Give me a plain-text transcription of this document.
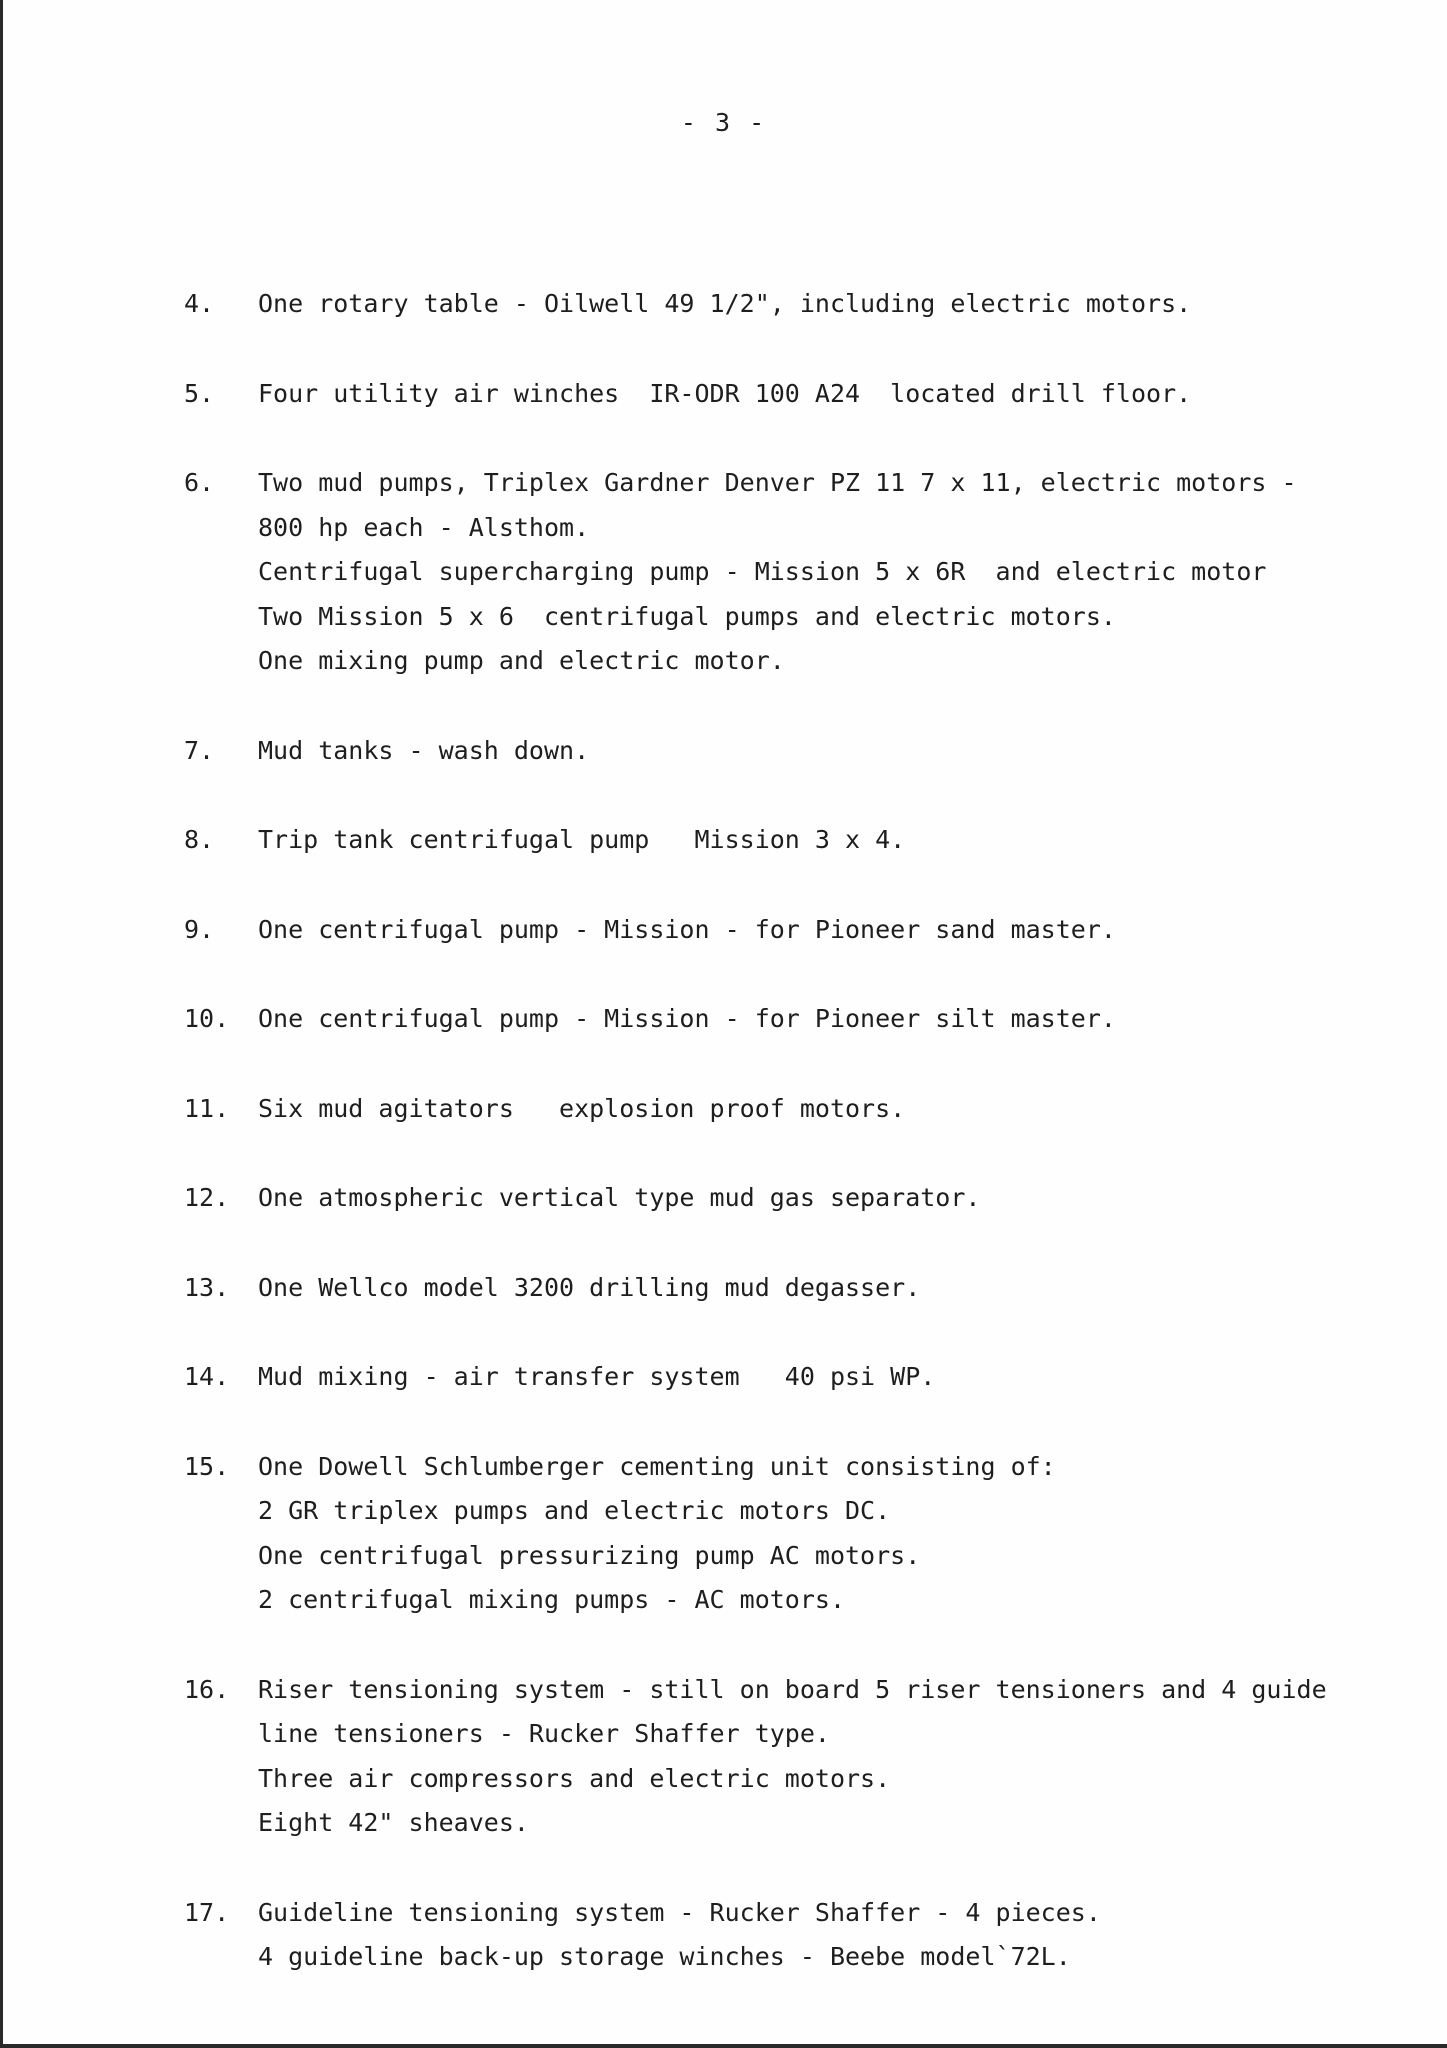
- 3 -
4. One rotary table - Oilwell 49 1/2", including electric motors.
5. Four utility air winches  IR-ODR 100 A24  located drill floor.
6. Two mud pumps, Triplex Gardner Denver PZ 11 7 x 11, electric motors -
800 hp each - Alsthom.
Centrifugal supercharging pump - Mission 5 x 6R  and electric motor
Two Mission 5 x 6  centrifugal pumps and electric motors.
One mixing pump and electric motor.
7. Mud tanks - wash down.
8. Trip tank centrifugal pump   Mission 3 x 4.
9. One centrifugal pump - Mission - for Pioneer sand master.
10. One centrifugal pump - Mission - for Pioneer silt master.
11. Six mud agitators   explosion proof motors.
12. One atmospheric vertical type mud gas separator.
13. One Wellco model 3200 drilling mud degasser.
14. Mud mixing - air transfer system   40 psi WP.
15. One Dowell Schlumberger cementing unit consisting of:
2 GR triplex pumps and electric motors DC.
One centrifugal pressurizing pump AC motors.
2 centrifugal mixing pumps - AC motors.
16. Riser tensioning system - still on board 5 riser tensioners and 4 guide
line tensioners - Rucker Shaffer type.
Three air compressors and electric motors.
Eight 42" sheaves.
17. Guideline tensioning system - Rucker Shaffer - 4 pieces.
4 guideline back-up storage winches - Beebe model`72L.
